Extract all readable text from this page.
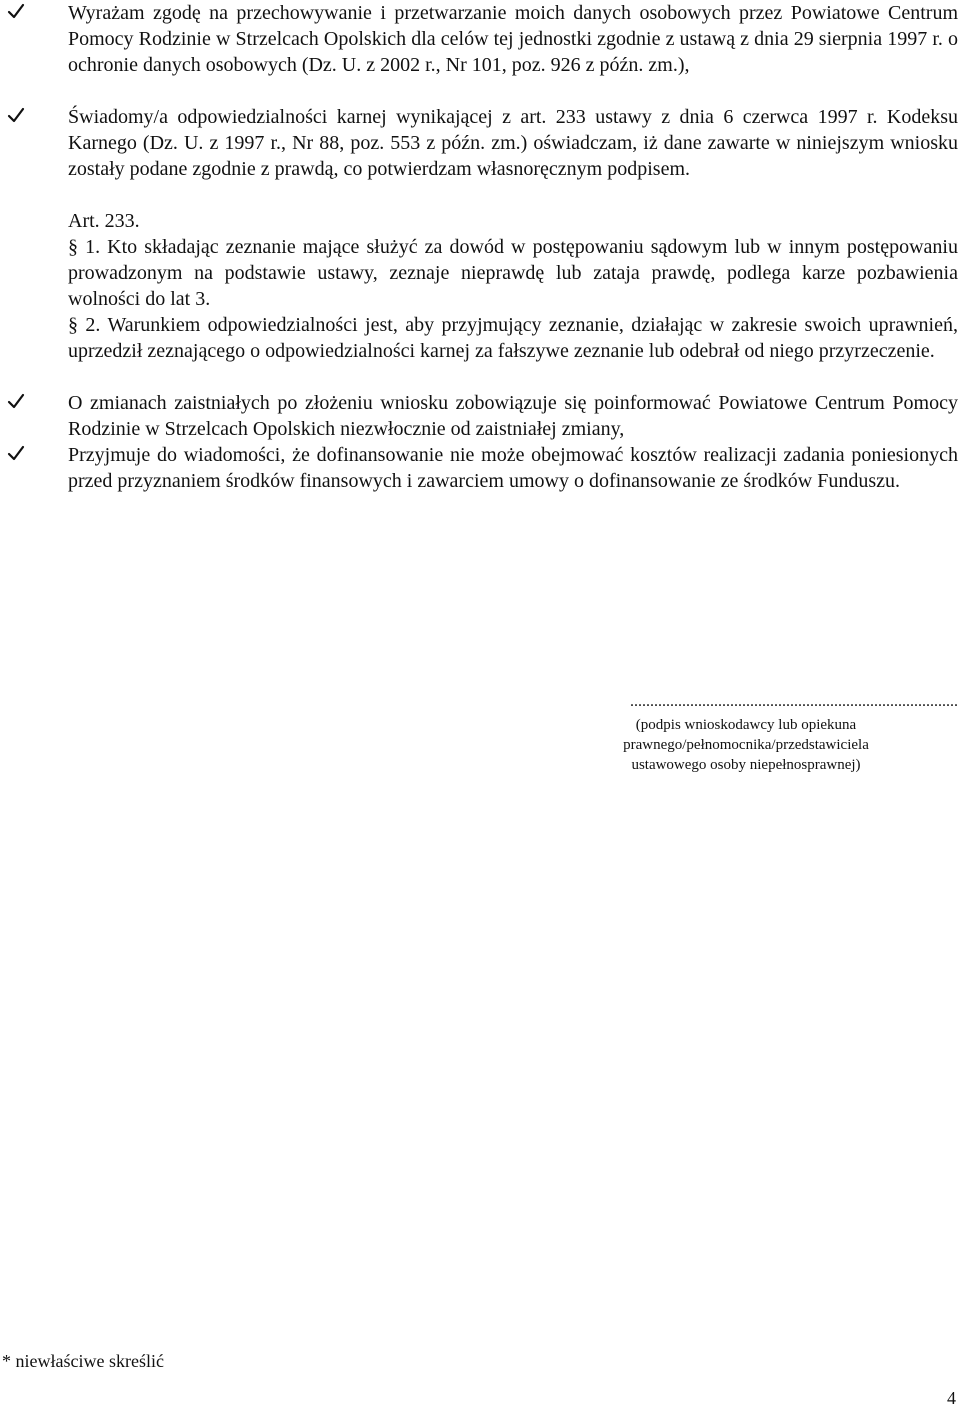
Wyrażam zgodę na przechowywanie i przetwarzanie moich danych osobowych przez Powiatowe Centrum Pomocy Rodzinie w Strzelcach Opolskich dla celów tej jednostki zgodnie z ustawą z dnia 29 sierpnia 1997 r. o ochronie danych osobowych (Dz. U. z 2002 r., Nr 101, poz. 926 z późn. zm.),
Świadomy/a odpowiedzialności karnej wynikającej z art. 233 ustawy z dnia 6 czerwca 1997 r. Kodeksu Karnego (Dz. U. z 1997 r., Nr 88, poz. 553 z późn. zm.) oświadczam, iż dane zawarte w niniejszym wniosku zostały podane zgodnie z prawdą, co potwierdzam własnoręcznym podpisem.
Art. 233.
§ 1. Kto składając zeznanie mające służyć za dowód w postępowaniu sądowym lub w innym postępowaniu prowadzonym na podstawie ustawy, zeznaje nieprawdę lub zataja prawdę, podlega karze pozbawienia wolności do lat 3.
§ 2. Warunkiem odpowiedzialności jest, aby przyjmujący zeznanie, działając w zakresie swoich uprawnień, uprzedził zeznającego o odpowiedzialności karnej za fałszywe zeznanie lub odebrał od niego przyrzeczenie.
O zmianach zaistniałych po złożeniu wniosku zobowiązuje się poinformować Powiatowe Centrum Pomocy Rodzinie w Strzelcach Opolskich niezwłocznie od zaistniałej zmiany,
Przyjmuje do wiadomości, że dofinansowanie nie może obejmować kosztów realizacji zadania poniesionych przed przyznaniem środków finansowych i zawarciem umowy o dofinansowanie ze środków Funduszu.
..................................................................................
(podpis wnioskodawcy lub opiekuna
prawnego/pełnomocnika/przedstawiciela
ustawowego osoby niepełnosprawnej)
* niewłaściwe skreślić
4
